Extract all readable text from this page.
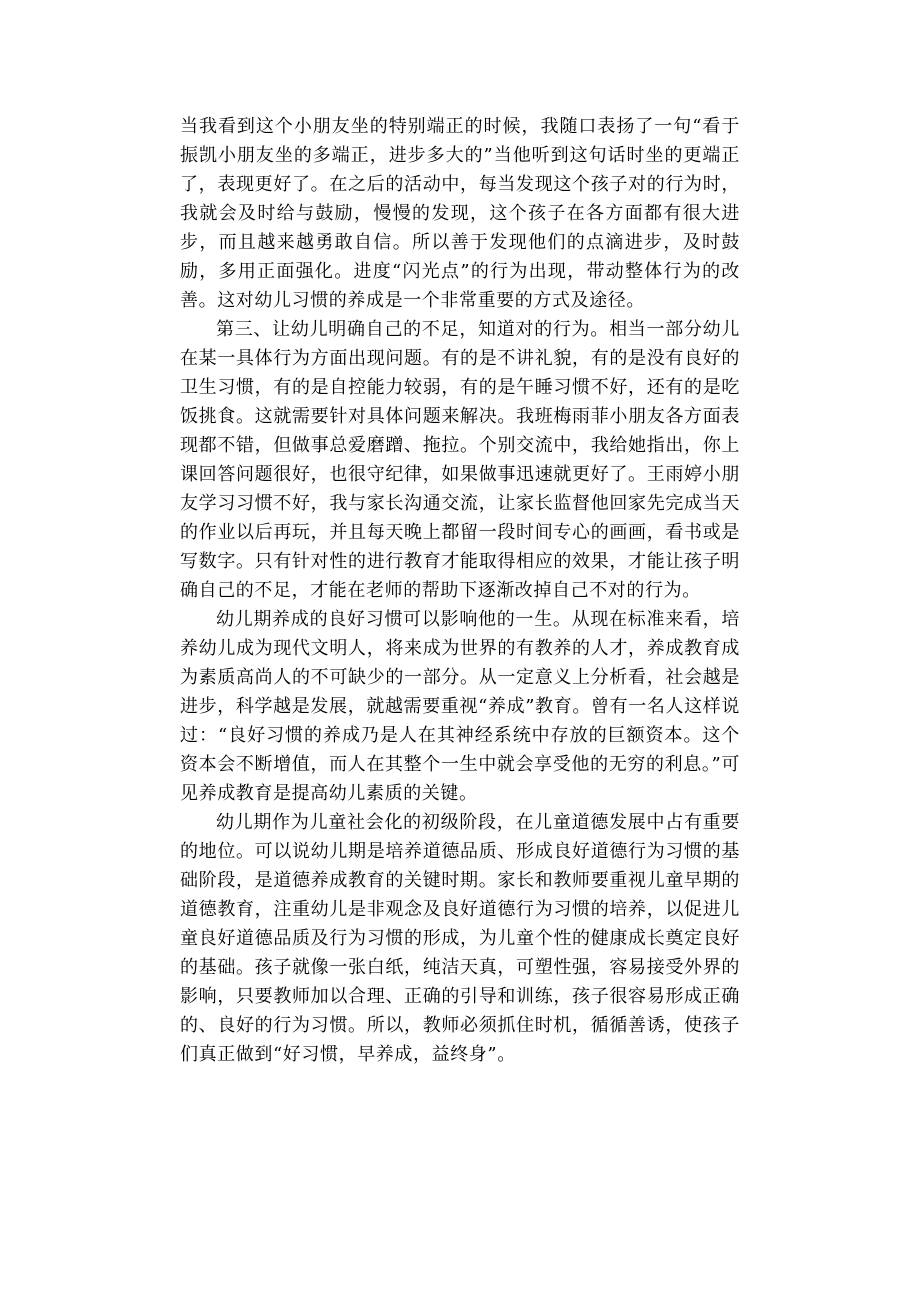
当我看到这个小朋友坐的特别端正的时候，我随口表扬了一句“看于振凯小朋友坐的多端正，进步多大的”当他听到这句话时坐的更端正了，表现更好了。在之后的活动中，每当发现这个孩子对的行为时，我就会及时给与鼓励，慢慢的发现，这个孩子在各方面都有很大进步，而且越来越勇敢自信。所以善于发现他们的点滴进步，及时鼓励，多用正面强化。进度“闪光点”的行为出现，带动整体行为的改善。这对幼儿习惯的养成是一个非常重要的方式及途径。

第三、让幼儿明确自己的不足，知道对的行为。相当一部分幼儿在某一具体行为方面出现问题。有的是不讲礼貌，有的是没有良好的卫生习惯，有的是自控能力较弱，有的是午睡习惯不好，还有的是吃饭挑食。这就需要针对具体问题来解决。我班梅雨菲小朋友各方面表现都不错，但做事总爱磨蹭、拖拉。个别交流中，我给她指出，你上课回答问题很好，也很守纪律，如果做事迅速就更好了。王雨婷小朋友学习习惯不好，我与家长沟通交流，让家长监督他回家先完成当天的作业以后再玩，并且每天晚上都留一段时间专心的画画，看书或是写数字。只有针对性的进行教育才能取得相应的效果，才能让孩子明确自己的不足，才能在老师的帮助下逐渐改掉自己不对的行为。

幼儿期养成的良好习惯可以影响他的一生。从现在标准来看，培养幼儿成为现代文明人，将来成为世界的有教养的人才，养成教育成为素质高尚人的不可缺少的一部分。从一定意义上分析看，社会越是进步，科学越是发展，就越需要重视“养成”教育。曾有一名人这样说过：“良好习惯的养成乃是人在其神经系统中存放的巨额资本。这个资本会不断增值，而人在其整个一生中就会享受他的无穷的利息。”可见养成教育是提高幼儿素质的关键。

幼儿期作为儿童社会化的初级阶段，在儿童道德发展中占有重要的地位。可以说幼儿期是培养道德品质、形成良好道德行为习惯的基础阶段，是道德养成教育的关键时期。家长和教师要重视儿童早期的道德教育，注重幼儿是非观念及良好道德行为习惯的培养，以促进儿童良好道德品质及行为习惯的形成，为儿童个性的健康成长奠定良好的基础。孩子就像一张白纸，纯洁天真，可塑性强，容易接受外界的影响，只要教师加以合理、正确的引导和训练，孩子很容易形成正确的、良好的行为习惯。所以，教师必须抓住时机，循循善诱，使孩子们真正做到“好习惯，早养成，益终身”。
